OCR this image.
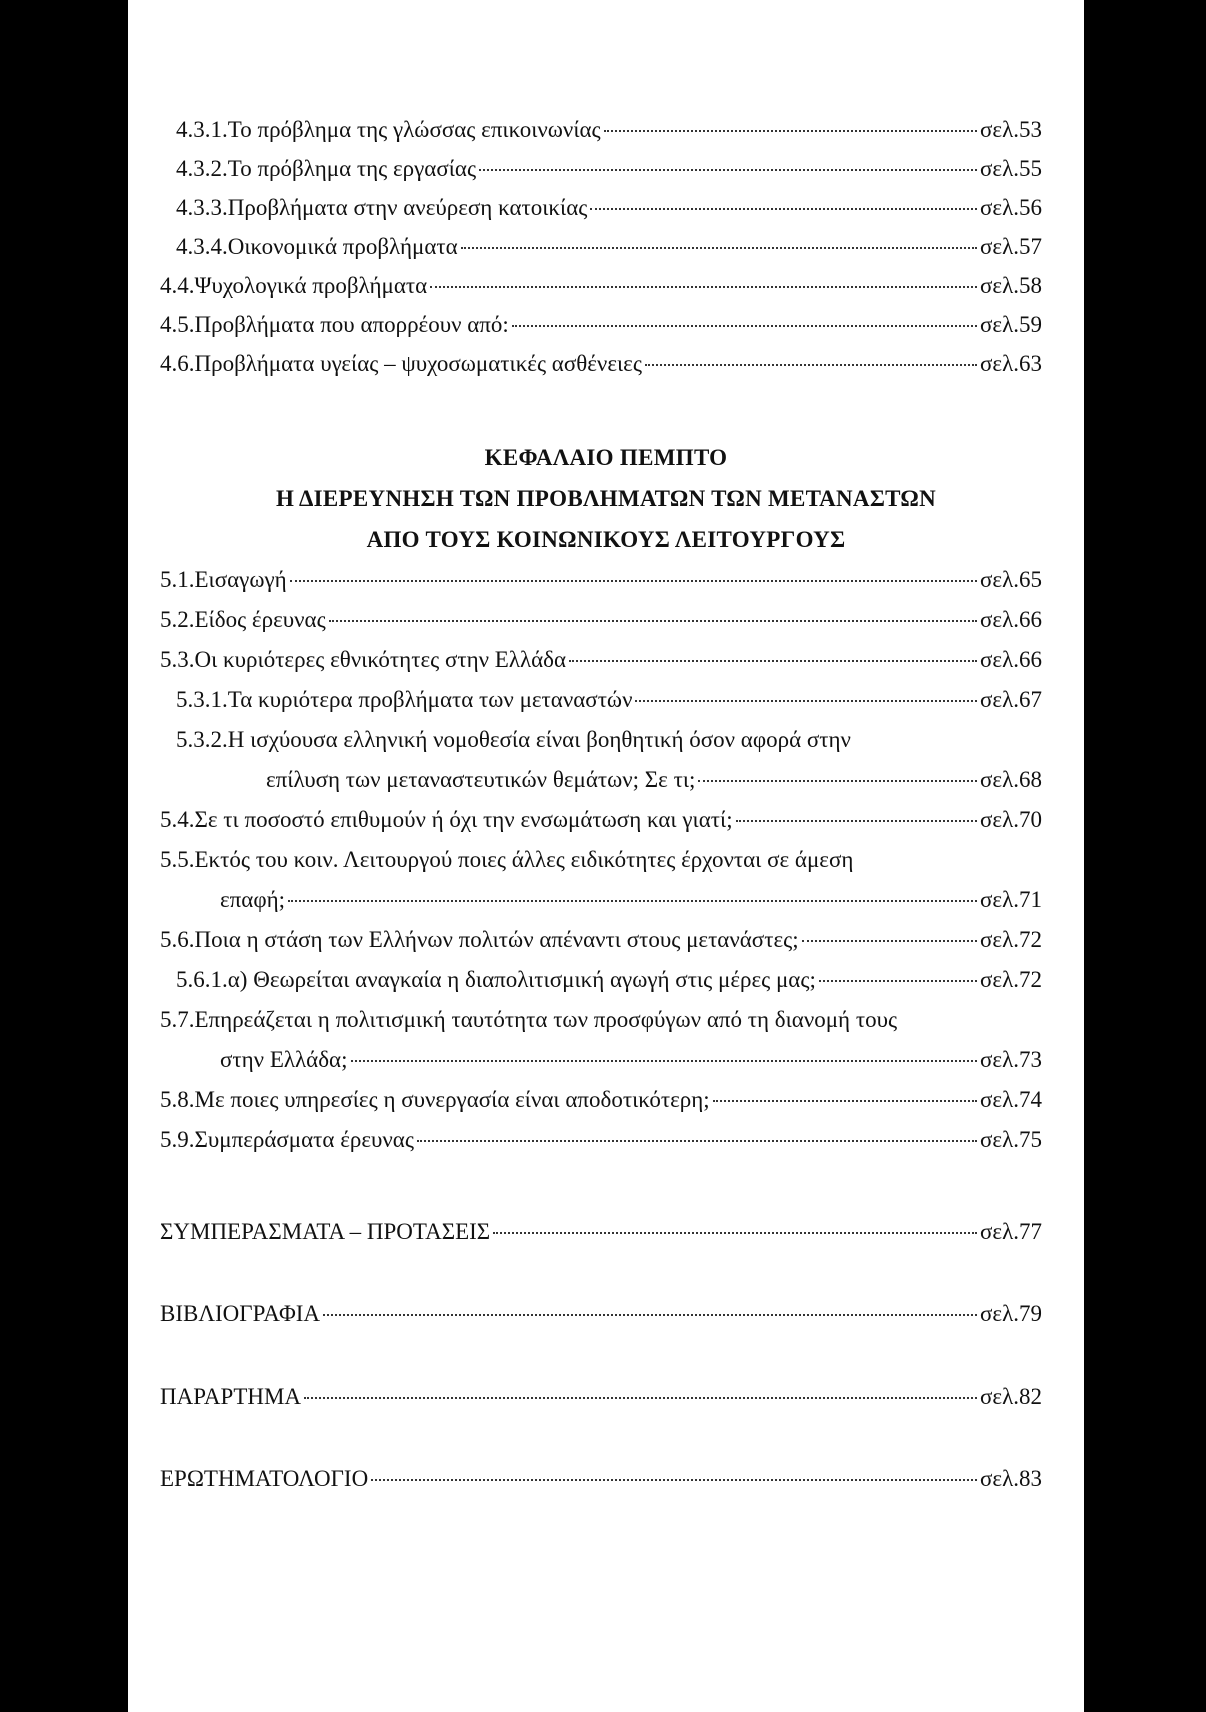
4.3.1.Το πρόβλημα της γλώσσας επικοινωνίας	σελ.53
4.3.2.Το πρόβλημα της εργασίας	σελ.55
4.3.3.Προβλήματα στην ανεύρεση κατοικίας	σελ.56
4.3.4.Οικονομικά προβλήματα	σελ.57
4.4.Ψυχολογικά προβλήματα	σελ.58
4.5.Προβλήματα που απορρέουν από:	σελ.59
4.6.Προβλήματα υγείας – ψυχοσωματικές ασθένειες	σελ.63
ΚΕΦΑΛΑΙΟ ΠΕΜΠΤΟ
Η ΔΙΕΡΕΥΝΗΣΗ ΤΩΝ ΠΡΟΒΛΗΜΑΤΩΝ ΤΩΝ ΜΕΤΑΝΑΣΤΩΝ
ΑΠΟ ΤΟΥΣ ΚΟΙΝΩΝΙΚΟΥΣ ΛΕΙΤΟΥΡΓΟΥΣ
5.1.Εισαγωγή	σελ.65
5.2.Είδος έρευνας	σελ.66
5.3.Οι κυριότερες εθνικότητες στην Ελλάδα	σελ.66
5.3.1.Τα κυριότερα προβλήματα των μεταναστών	σελ.67
5.3.2.Η ισχύουσα ελληνική νομοθεσία είναι βοηθητική όσον αφορά στην
επίλυση των μεταναστευτικών θεμάτων; Σε τι;	σελ.68
5.4.Σε τι ποσοστό επιθυμούν ή όχι την ενσωμάτωση και γιατί;	σελ.70
5.5.Εκτός του κοιν. Λειτουργού ποιες άλλες ειδικότητες έρχονται σε άμεση
επαφή;	σελ.71
5.6.Ποια η στάση των Ελλήνων πολιτών απέναντι στους μετανάστες;	σελ.72
5.6.1.α) Θεωρείται αναγκαία η διαπολιτισμική αγωγή στις μέρες μας;	σελ.72
5.7.Επηρεάζεται η πολιτισμική ταυτότητα των προσφύγων από τη διανομή τους
στην Ελλάδα;	σελ.73
5.8.Με ποιες υπηρεσίες η συνεργασία είναι αποδοτικότερη;	σελ.74
5.9.Συμπεράσματα έρευνας	σελ.75
ΣΥΜΠΕΡΑΣΜΑΤΑ – ΠΡΟΤΑΣΕΙΣ	σελ.77
ΒΙΒΛΙΟΓΡΑΦΙΑ	σελ.79
ΠΑΡΑΡΤΗΜΑ	σελ.82
ΕΡΩΤΗΜΑΤΟΛΟΓΙΟ	σελ.83
